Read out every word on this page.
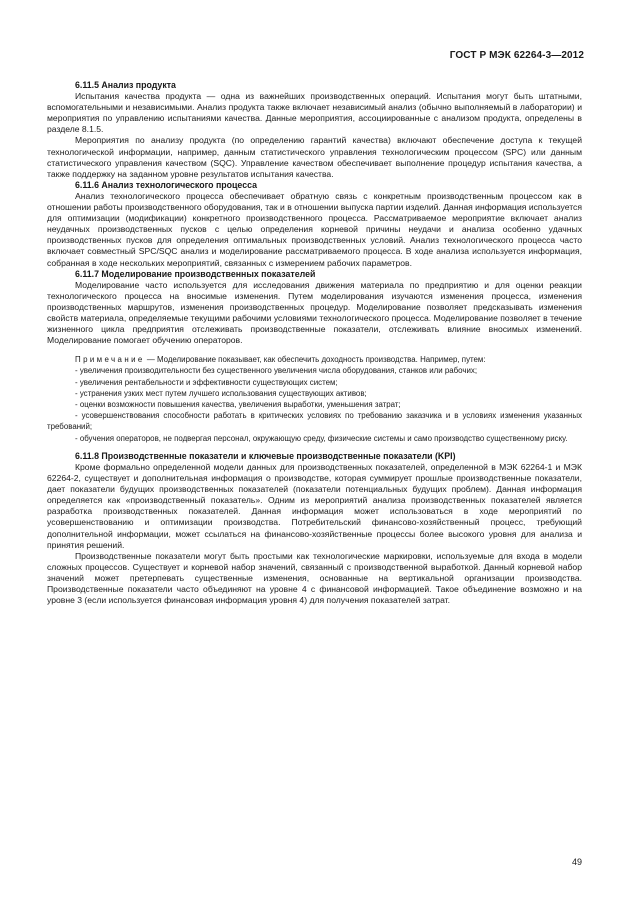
ГОСТ Р МЭК 62264-3—2012
6.11.5 Анализ продукта

Испытания качества продукта — одна из важнейших производственных операций. Испытания могут быть штатными, вспомогательными и независимыми. Анализ продукта также включает независимый анализ (обычно выполняемый в лаборатории) и мероприятия по управлению испытаниями качества. Данные мероприятия, ассоциированные с анализом продукта, определены в разделе 8.1.5.

Мероприятия по анализу продукта (по определению гарантий качества) включают обеспечение доступа к текущей технологической информации, например, данным статистического управления технологическим процессом (SPC) или данным статистического управления качеством (SQC). Управление качеством обеспечивает выполнение процедур испытания качества, а также поддержку на заданном уровне результатов испытания качества.

6.11.6 Анализ технологического процесса

Анализ технологического процесса обеспечивает обратную связь с конкретным производственным процессом как в отношении работы производственного оборудования, так и в отношении выпуска партии изделий. Данная информация используется для оптимизации (модификации) конкретного производственного процесса. Рассматриваемое мероприятие включает анализ неудачных производственных пусков с целью определения корневой причины неудачи и анализа особенно удачных производственных пусков для определения оптимальных производственных условий. Анализ технологического процесса часто включает совместный SPC/SQC анализ и моделирование рассматриваемого процесса. В ходе анализа используется информация, собранная в ходе нескольких мероприятий, связанных с измерением рабочих параметров.

6.11.7 Моделирование производственных показателей

Моделирование часто используется для исследования движения материала по предприятию и для оценки реакции технологического процесса на вносимые изменения. Путем моделирования изучаются изменения процесса, изменения производственных маршрутов, изменения производственных процедур. Моделирование позволяет предсказывать изменения свойств материала, определяемые текущими рабочими условиями технологического процесса. Моделирование позволяет в течение жизненного цикла предприятия отслеживать производственные показатели, отслеживать влияние вносимых изменений. Моделирование помогает обучению операторов.

Примечание — Моделирование показывает, как обеспечить доходность производства. Например, путем:

- увеличения производительности без существенного увеличения числа оборудования, станков или рабочих;
- увеличения рентабельности и эффективности существующих систем;
- устранения узких мест путем лучшего использования существующих активов;
- оценки возможности повышения качества, увеличения выработки, уменьшения затрат;
- усовершенствования способности работать в критических условиях по требованию заказчика и в условиях изменения указанных требований;
- обучения операторов, не подвергая персонал, окружающую среду, физические системы и само производство существенному риску.
6.11.8 Производственные показатели и ключевые производственные показатели (KPI)

Кроме формально определенной модели данных для производственных показателей, определенной в МЭК 62264-1 и МЭК 62264-2, существует и дополнительная информация о производстве, которая суммирует прошлые производственные показатели, дает показатели будущих производственных показателей (показатели потенциальных будущих проблем). Данная информация определяется как «производственный показатель». Одним из мероприятий анализа производственных показателей является разработка производственных показателей. Данная информация может использоваться в ходе мероприятий по усовершенствованию и оптимизации производства. Потребительский финансово-хозяйственный процесс, требующий дополнительной информации, может ссылаться на финансово-хозяйственные процессы более высокого уровня для анализа и принятия решений.

Производственные показатели могут быть простыми как технологические маркировки, используемые для входа в модели сложных процессов. Существует и корневой набор значений, связанный с производственной выработкой. Данный корневой набор значений может претерпевать существенные изменения, основанные на вертикальной организации производства. Производственные показатели часто объединяют на уровне 4 с финансовой информацией. Такое объединение возможно и на уровне 3 (если используется финансовая информация уровня 4) для получения показателей затрат.

49
